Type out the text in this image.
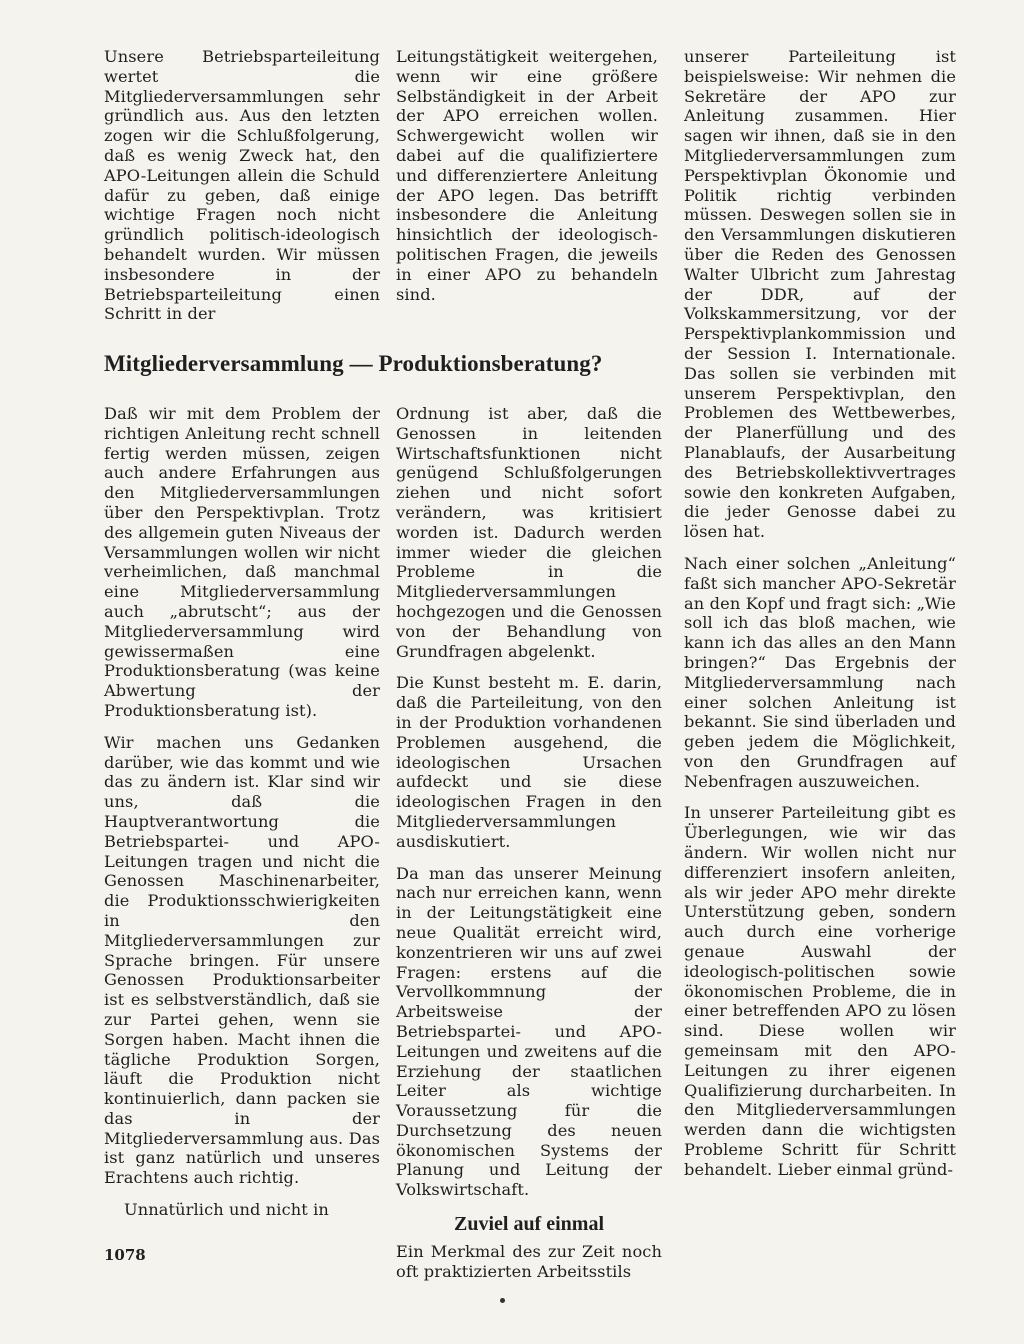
Unsere Betriebsparteileitung wertet die Mitgliederversammlungen sehr gründlich aus. Aus den letzten zogen wir die Schlußfolgerung, daß es wenig Zweck hat, den APO-Leitungen allein die Schuld dafür zu geben, daß einige wichtige Fragen noch nicht gründlich politisch-ideologisch behandelt wurden. Wir müssen insbesondere in der Betriebsparteileitung einen Schritt in der

Leitungstätigkeit weitergehen, wenn wir eine größere Selbständigkeit in der Arbeit der APO erreichen wollen. Schwergewicht wollen wir dabei auf die qualifiziertere und differenziertere Anleitung der APO legen. Das betrifft insbesondere die Anleitung hinsichtlich der ideologisch-politischen Fragen, die jeweils in einer APO zu behandeln sind.

Mitgliederversammlung — Produktionsberatung?

Daß wir mit dem Problem der richtigen Anleitung recht schnell fertig werden müssen, zeigen auch andere Erfahrungen aus den Mitgliederversammlungen über den Perspektivplan. Trotz des allgemein guten Niveaus der Versammlungen wollen wir nicht verheimlichen, daß manchmal eine Mitgliederversammlung auch „abrutscht“; aus der Mitgliederversammlung wird gewissermaßen eine Produktionsberatung (was keine Abwertung der Produktionsberatung ist).

Wir machen uns Gedanken darüber, wie das kommt und wie das zu ändern ist. Klar sind wir uns, daß die Hauptverantwortung die Betriebspartei- und APO-Leitungen tragen und nicht die Genossen Maschinenarbeiter, die Produktionsschwierigkeiten in den Mitgliederversammlungen zur Sprache bringen. Für unsere Genossen Produktionsarbeiter ist es selbstverständlich, daß sie zur Partei gehen, wenn sie Sorgen haben. Macht ihnen die tägliche Produktion Sorgen, läuft die Produktion nicht kontinuierlich, dann packen sie das in der Mitgliederversammlung aus. Das ist ganz natürlich und unseres Erachtens auch richtig.

Unnatürlich und nicht in

Ordnung ist aber, daß die Genossen in leitenden Wirtschaftsfunktionen nicht genügend Schlußfolgerungen ziehen und nicht sofort verändern, was kritisiert worden ist. Dadurch werden immer wieder die gleichen Probleme in die Mitgliederversammlungen hochgezogen und die Genossen von der Behandlung von Grundfragen abgelenkt.

Die Kunst besteht m. E. darin, daß die Parteileitung, von den in der Produktion vorhandenen Problemen ausgehend, die ideologischen Ursachen aufdeckt und sie diese ideologischen Fragen in den Mitgliederversammlungen ausdiskutiert.

Da man das unserer Meinung nach nur erreichen kann, wenn in der Leitungstätigkeit eine neue Qualität erreicht wird, konzentrieren wir uns auf zwei Fragen: erstens auf die Vervollkommnung der Arbeitsweise der Betriebspartei- und APO-Leitungen und zweitens auf die Erziehung der staatlichen Leiter als wichtige Voraussetzung für die Durchsetzung des neuen ökonomischen Systems der Planung und Leitung der Volkswirtschaft.

Zuviel auf einmal

Ein Merkmal des zur Zeit noch oft praktizierten Arbeitsstils

unserer Parteileitung ist beispielsweise: Wir nehmen die Sekretäre der APO zur Anleitung zusammen. Hier sagen wir ihnen, daß sie in den Mitgliederversammlungen zum Perspektivplan Ökonomie und Politik richtig verbinden müssen. Deswegen sollen sie in den Versammlungen diskutieren über die Reden des Genossen Walter Ulbricht zum Jahrestag der DDR, auf der Volkskammersitzung, vor der Perspektivplankommission und der Session I. Internationale. Das sollen sie verbinden mit unserem Perspektivplan, den Problemen des Wettbewerbes, der Planerfüllung und des Planablaufs, der Ausarbeitung des Betriebskollektivvertrages sowie den konkreten Aufgaben, die jeder Genosse dabei zu lösen hat.

Nach einer solchen „Anleitung“ faßt sich mancher APO-Sekretär an den Kopf und fragt sich: „Wie soll ich das bloß machen, wie kann ich das alles an den Mann bringen?“ Das Ergebnis der Mitgliederversammlung nach einer solchen Anleitung ist bekannt. Sie sind überladen und geben jedem die Möglichkeit, von den Grundfragen auf Nebenfragen auszuweichen.

In unserer Parteileitung gibt es Überlegungen, wie wir das ändern. Wir wollen nicht nur differenziert insofern anleiten, als wir jeder APO mehr direkte Unterstützung geben, sondern auch durch eine vorherige genaue Auswahl der ideologisch-politischen sowie ökonomischen Probleme, die in einer betreffenden APO zu lösen sind. Diese wollen wir gemeinsam mit den APO-Leitungen zu ihrer eigenen Qualifizierung durcharbeiten. In den Mitgliederversammlungen werden dann die wichtigsten Probleme Schritt für Schritt behandelt. Lieber einmal gründ-

1078
